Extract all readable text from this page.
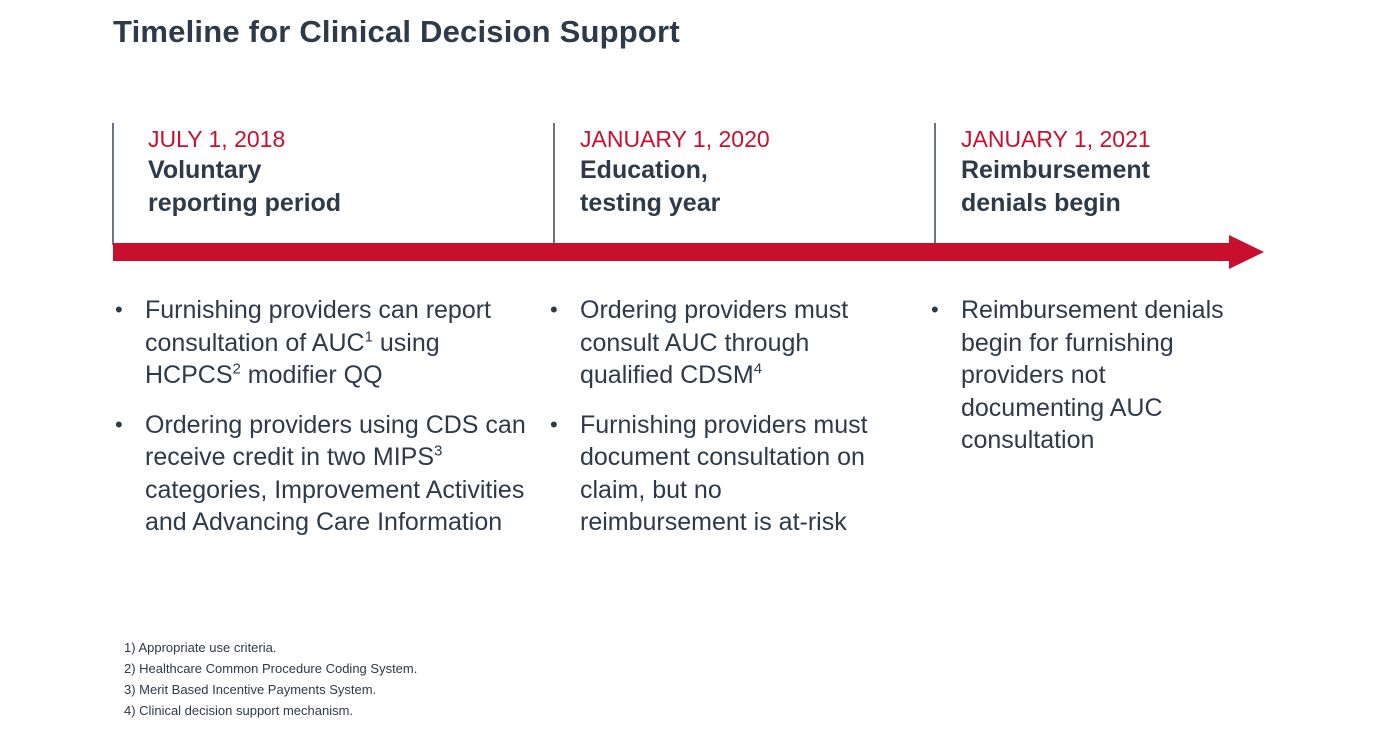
Timeline for Clinical Decision Support
JULY 1, 2018
Voluntary
reporting period
JANUARY 1, 2020
Education,
testing year
JANUARY 1, 2021
Reimbursement
denials begin
• Furnishing providers can report consultation of AUC$^1$ using HCPCS$^2$ modifier QQ
• Ordering providers using CDS can receive credit in two MIPS$^3$ categories, Improvement Activities and Advancing Care Information
• Ordering providers must consult AUC through qualified CDSM$^4$
• Furnishing providers must document consultation on claim, but no reimbursement is at-risk
• Reimbursement denials begin for furnishing providers not documenting AUC consultation
1) Appropriate use criteria.
2) Healthcare Common Procedure Coding System.
3) Merit Based Incentive Payments System.
4) Clinical decision support mechanism.
